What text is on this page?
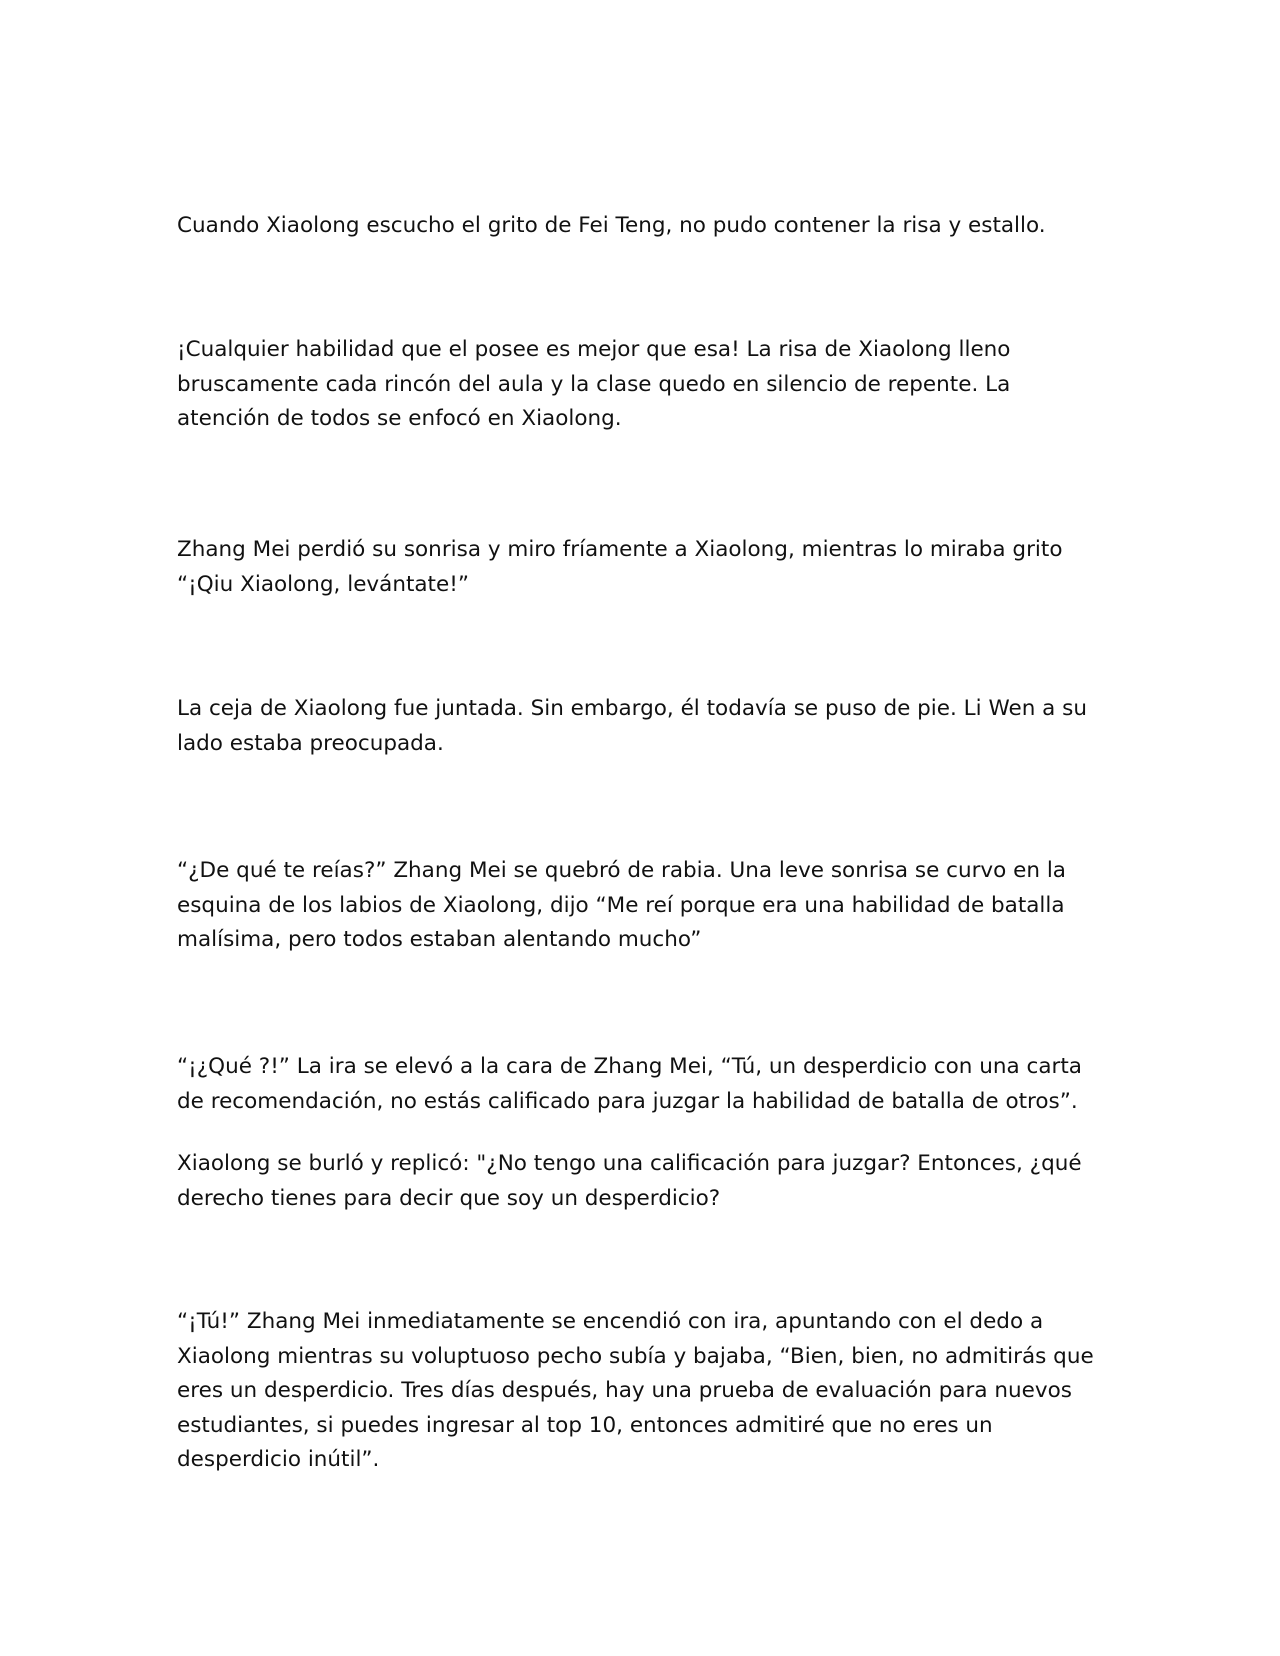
Cuando Xiaolong escucho el grito de Fei Teng, no pudo contener la risa y estallo.

¡Cualquier habilidad que el posee es mejor que esa! La risa de Xiaolong lleno bruscamente cada rincón del aula y la clase quedo en silencio de repente. La atención de todos se enfocó en Xiaolong.

Zhang Mei perdió su sonrisa y miro fríamente a Xiaolong, mientras lo miraba grito “¡Qiu Xiaolong, levántate!”

La ceja de Xiaolong fue juntada. Sin embargo, él todavía se puso de pie. Li Wen a su lado estaba preocupada.

“¿De qué te reías?” Zhang Mei se quebró de rabia. Una leve sonrisa se curvo en la esquina de los labios de Xiaolong, dijo “Me reí porque era una habilidad de batalla malísima, pero todos estaban alentando mucho”

“¡¿Qué ?!” La ira se elevó a la cara de Zhang Mei, “Tú, un desperdicio con una carta de recomendación, no estás calificado para juzgar la habilidad de batalla de otros”.

Xiaolong se burló y replicó: "¿No tengo una calificación para juzgar? Entonces, ¿qué derecho tienes para decir que soy un desperdicio?

“¡Tú!” Zhang Mei inmediatamente se encendió con ira, apuntando con el dedo a Xiaolong mientras su voluptuoso pecho subía y bajaba, “Bien, bien, no admitirás que eres un desperdicio. Tres días después, hay una prueba de evaluación para nuevos estudiantes, si puedes ingresar al top 10, entonces admitiré que no eres un desperdicio inútil”.
